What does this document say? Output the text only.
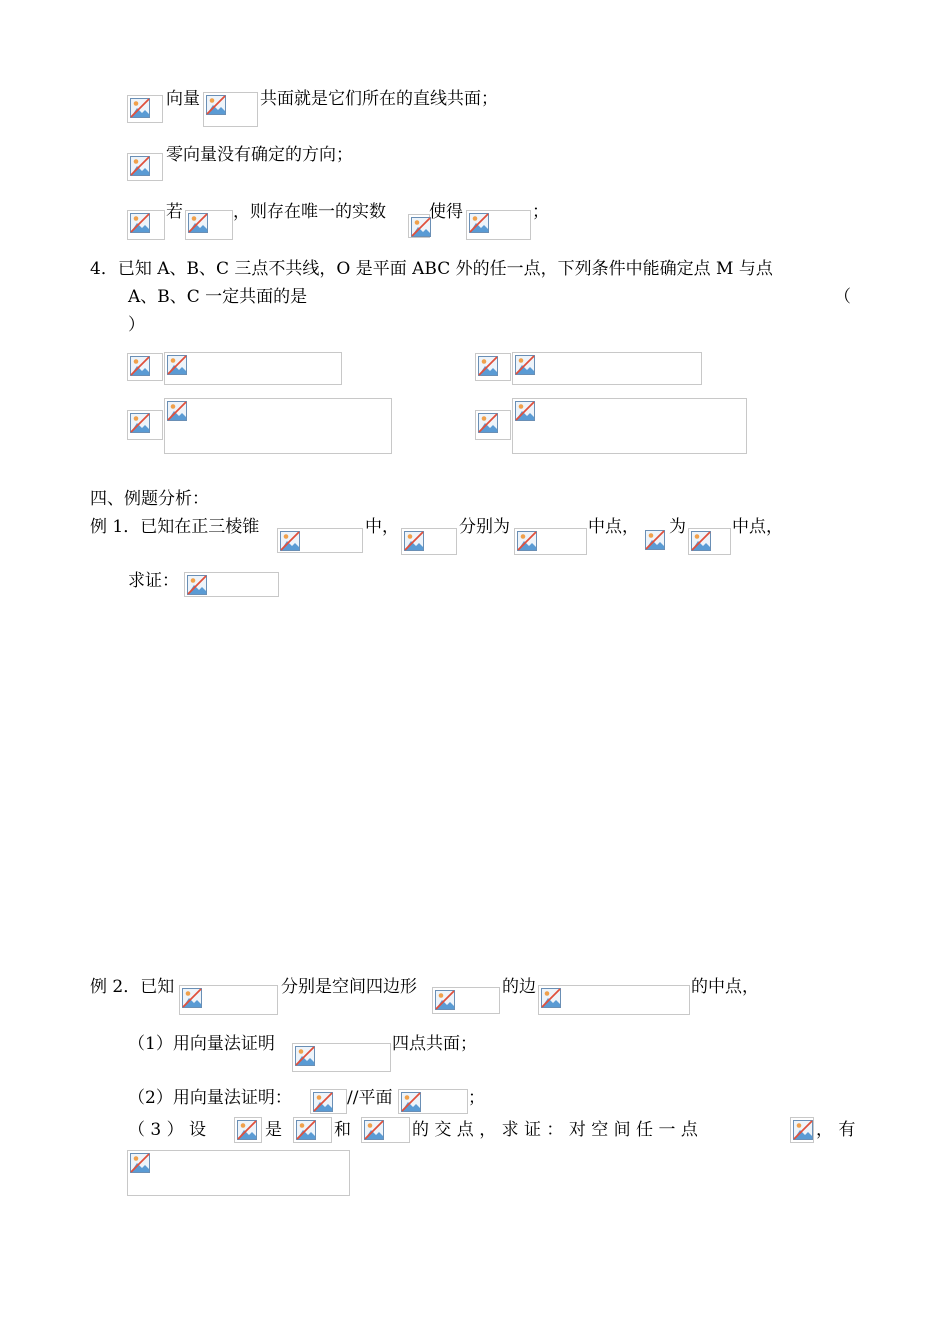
向量	共面就是它们所在的直线共面；
零向量没有确定的方向；
若	，则存在唯一的实数	使得	；
4．已知 A、B、C 三点不共线，O 是平面 ABC 外的任一点，下列条件中能确定点 M 与点
A、B、C 一定共面的是	（
）
四、例题分析：
例 1．已知在正三棱锥	中，	分别为	中点， 为	中点，
求证：
例 2．已知	分别是空间四边形	的边	的中点，
（1）用向量法证明	四点共面；
（2）用向量法证明：	//平面	；
（ 3 ） 设	是	和	的 交 点 ， 求 证 ： 对 空 间 任 一 点	， 有
